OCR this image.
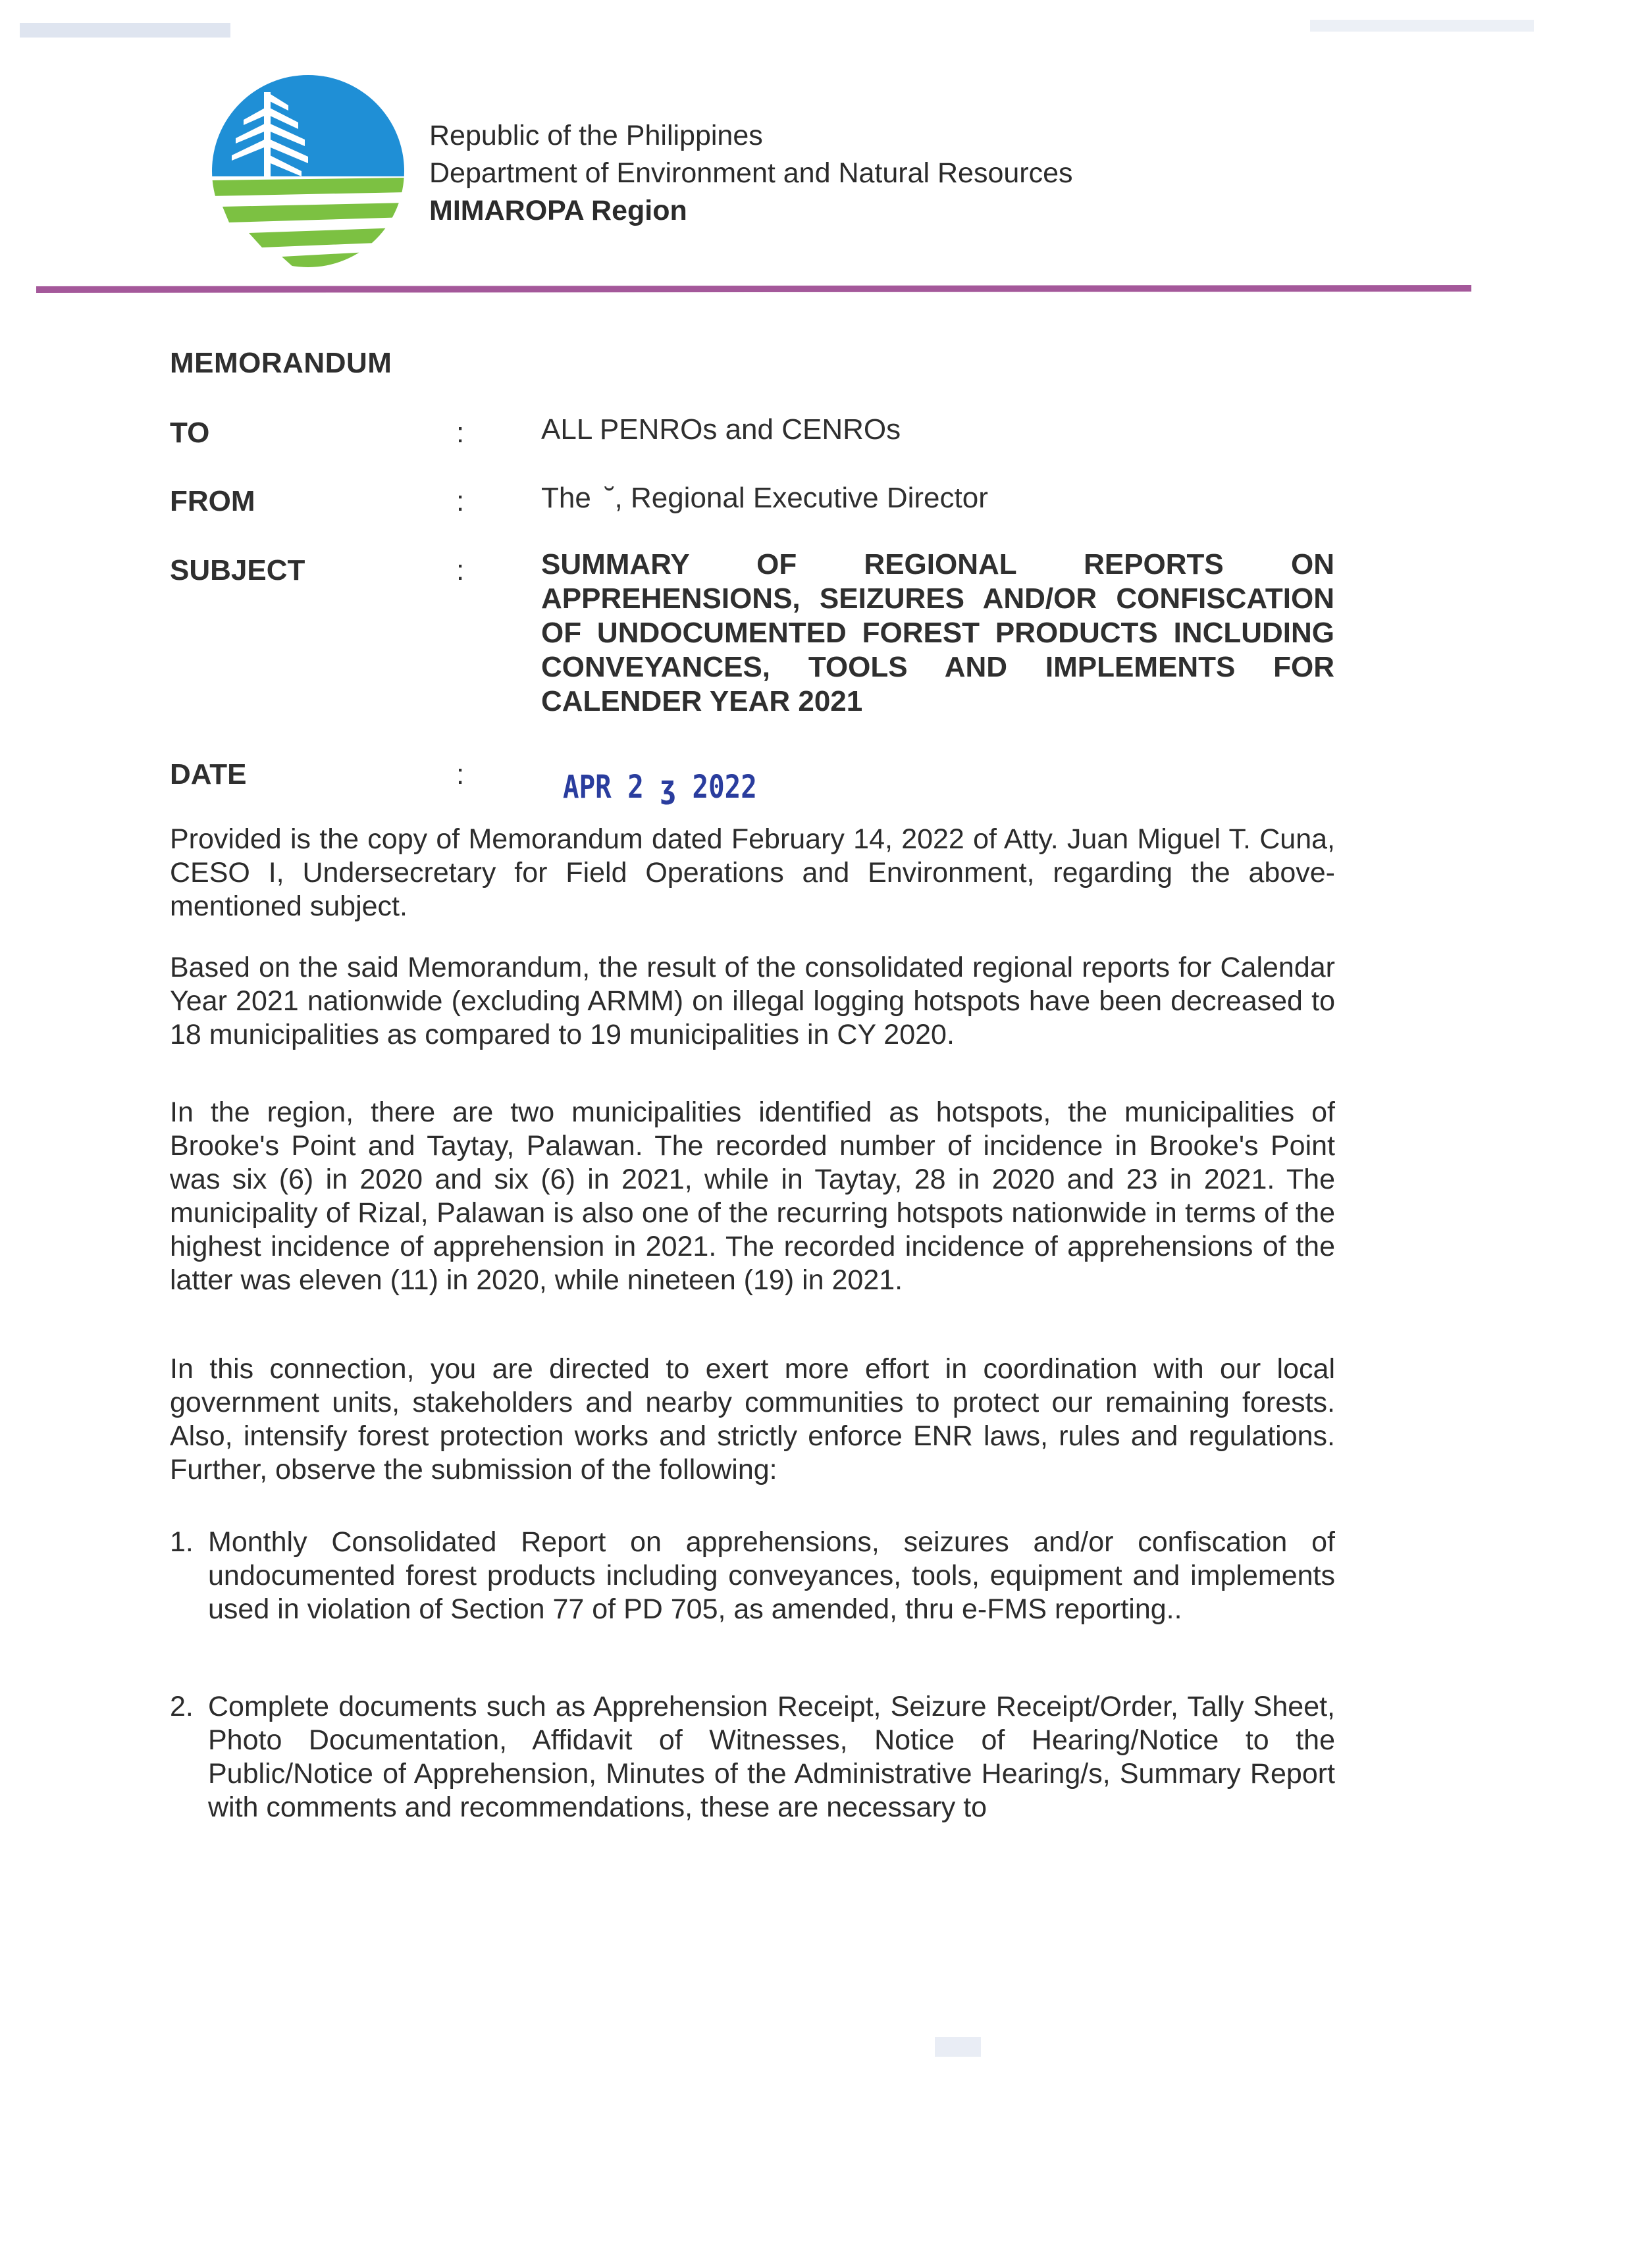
Republic of the Philippines
Department of Environment and Natural Resources
MIMAROPA Region
MEMORANDUM
TO	:	ALL PENROs and CENROs
FROM	:	The  ˘, Regional Executive Director
SUBJECT	:	SUMMARY OF REGIONAL REPORTS ON APPREHENSIONS, SEIZURES AND/OR CONFISCATION OF UNDOCUMENTED FOREST PRODUCTS INCLUDING CONVEYANCES, TOOLS AND IMPLEMENTS FOR CALENDER YEAR 2021
DATE	:	APR 2 ʒ 2022
Provided is the copy of Memorandum dated February 14, 2022 of Atty. Juan Miguel T. Cuna, CESO I, Undersecretary for Field Operations and Environment, regarding the above-mentioned subject.
Based on the said Memorandum, the result of the consolidated regional reports for Calendar Year 2021 nationwide (excluding ARMM) on illegal logging hotspots have been decreased to 18 municipalities as compared to 19 municipalities in CY 2020.
In the region, there are two municipalities identified as hotspots, the municipalities of Brooke's Point and Taytay, Palawan. The recorded number of incidence in Brooke's Point was six (6) in 2020 and six (6) in 2021, while in Taytay, 28 in 2020 and 23 in 2021. The municipality of Rizal, Palawan is also one of the recurring hotspots nationwide in terms of the highest incidence of apprehension in 2021. The recorded incidence of apprehensions of the latter was eleven (11) in 2020, while nineteen (19) in 2021.
In this connection, you are directed to exert more effort in coordination with our local government units, stakeholders and nearby communities to protect our remaining forests. Also, intensify forest protection works and strictly enforce ENR laws, rules and regulations. Further, observe the submission of the following:
1. Monthly Consolidated Report on apprehensions, seizures and/or confiscation of undocumented forest products including conveyances, tools, equipment and implements used in violation of Section 77 of PD 705, as amended, thru e-FMS reporting..
2. Complete documents such as Apprehension Receipt, Seizure Receipt/Order, Tally Sheet, Photo Documentation, Affidavit of Witnesses, Notice of Hearing/Notice to the Public/Notice of Apprehension, Minutes of the Administrative Hearing/s, Summary Report with comments and recommendations, these are necessary to
